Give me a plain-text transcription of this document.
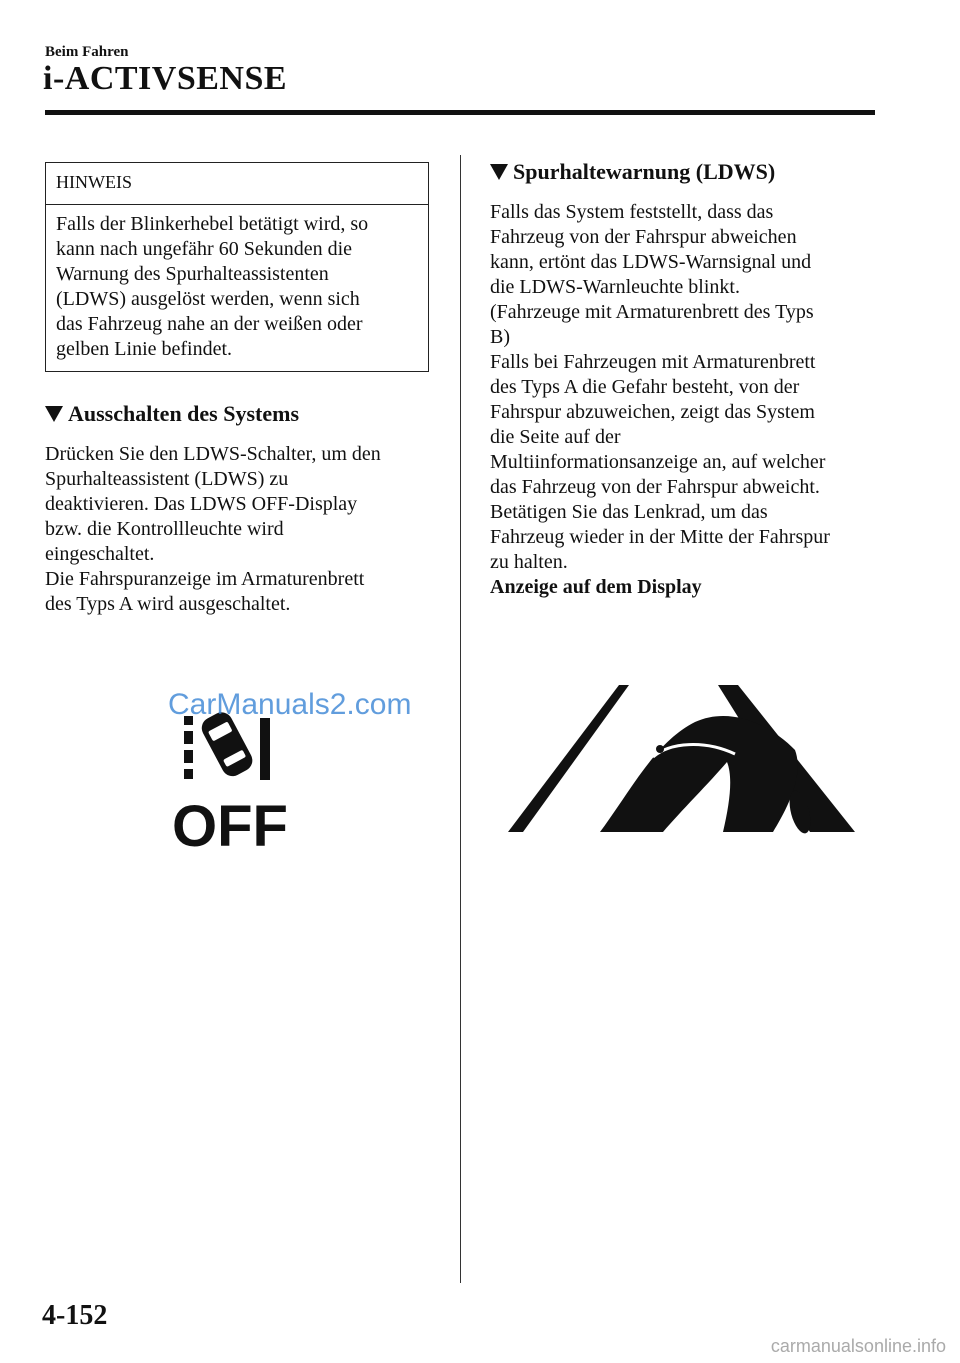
Beim Fahren
i-ACTIVSENSE
HINWEIS
Falls der Blinkerhebel betätigt wird, so
kann nach ungefähr 60 Sekunden die
Warnung des Spurhalteassistenten
(LDWS) ausgelöst werden, wenn sich
das Fahrzeug nahe an der weißen oder
gelben Linie befindet.
Ausschalten des Systems
Drücken Sie den LDWS-Schalter, um den
Spurhalteassistent (LDWS) zu
deaktivieren. Das LDWS OFF-Display
bzw. die Kontrollleuchte wird
eingeschaltet.
Die Fahrspuranzeige im Armaturenbrett
des Typs A wird ausgeschaltet.
OFF
CarManuals2.com
Spurhaltewarnung (LDWS)
Falls das System feststellt, dass das
Fahrzeug von der Fahrspur abweichen
kann, ertönt das LDWS-Warnsignal und
die LDWS-Warnleuchte blinkt.
(Fahrzeuge mit Armaturenbrett des Typs
B)
Falls bei Fahrzeugen mit Armaturenbrett
des Typs A die Gefahr besteht, von der
Fahrspur abzuweichen, zeigt das System
die Seite auf der
Multiinformationsanzeige an, auf welcher
das Fahrzeug von der Fahrspur abweicht.
Betätigen Sie das Lenkrad, um das
Fahrzeug wieder in der Mitte der Fahrspur
zu halten.
Anzeige auf dem Display
4-152
carmanualsonline.info
